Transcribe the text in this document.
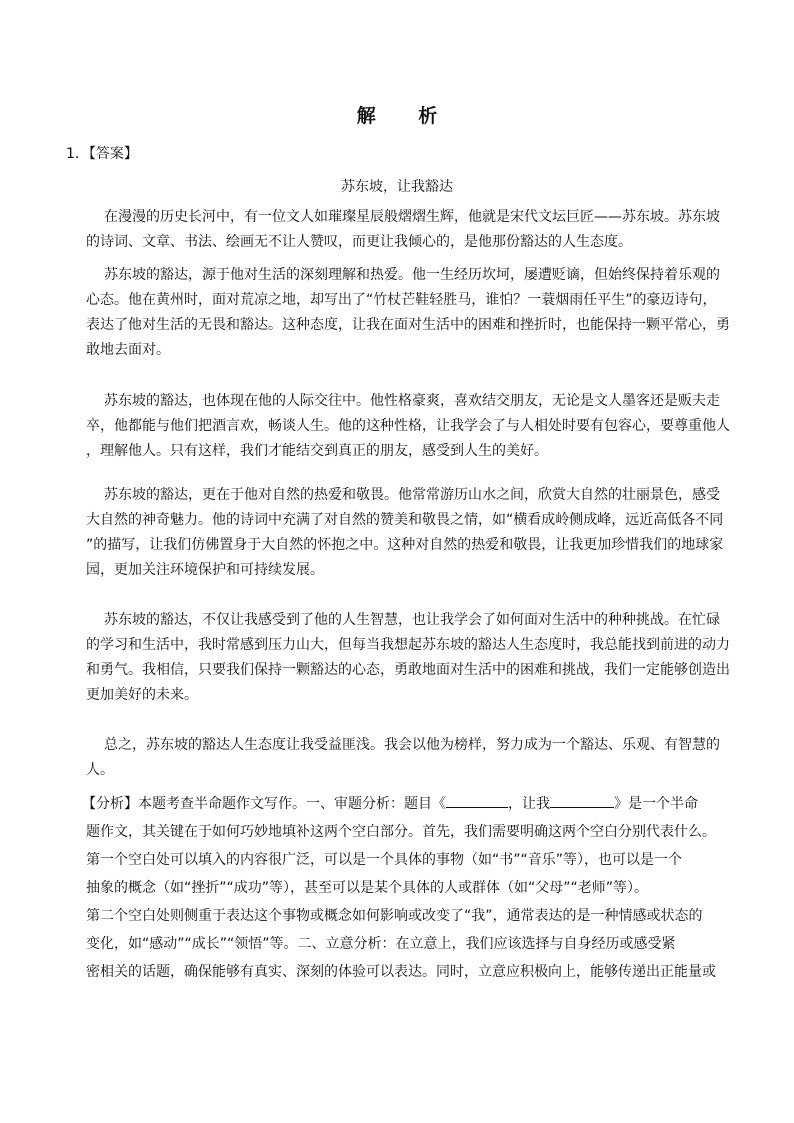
解 析
1．【答案】
苏东坡，让我豁达
在漫漫的历史长河中，有一位文人如璀璨星辰般熠熠生辉，他就是宋代文坛巨匠——苏东坡。苏东坡
的诗词、文章、书法、绘画无不让人赞叹，而更让我倾心的，是他那份豁达的人生态度。
苏东坡的豁达，源于他对生活的深刻理解和热爱。他一生经历坎坷，屡遭贬谪，但始终保持着乐观的
心态。他在黄州时，面对荒凉之地，却写出了“竹杖芒鞋轻胜马，谁怕？一蓑烟雨任平生”的豪迈诗句，
表达了他对生活的无畏和豁达。这种态度，让我在面对生活中的困难和挫折时，也能保持一颗平常心，勇
敢地去面对。
苏东坡的豁达，也体现在他的人际交往中。他性格豪爽，喜欢结交朋友，无论是文人墨客还是贩夫走
卒，他都能与他们把酒言欢，畅谈人生。他的这种性格，让我学会了与人相处时要有包容心，要尊重他人
，理解他人。只有这样，我们才能结交到真正的朋友，感受到人生的美好。
苏东坡的豁达，更在于他对自然的热爱和敬畏。他常常游历山水之间，欣赏大自然的壮丽景色，感受
大自然的神奇魅力。他的诗词中充满了对自然的赞美和敬畏之情，如“横看成岭侧成峰，远近高低各不同
”的描写，让我们仿佛置身于大自然的怀抱之中。这种对自然的热爱和敬畏，让我更加珍惜我们的地球家
园，更加关注环境保护和可持续发展。
苏东坡的豁达，不仅让我感受到了他的人生智慧，也让我学会了如何面对生活中的种种挑战。在忙碌
的学习和生活中，我时常感到压力山大，但每当我想起苏东坡的豁达人生态度时，我总能找到前进的动力
和勇气。我相信，只要我们保持一颗豁达的心态，勇敢地面对生活中的困难和挑战，我们一定能够创造出
更加美好的未来。
总之，苏东坡的豁达人生态度让我受益匪浅。我会以他为榜样，努力成为一个豁达、乐观、有智慧的
人。
【分析】本题考查半命题作文写作。一、审题分析：题目《	，让我	》是一个半命
题作文，其关键在于如何巧妙地填补这两个空白部分。首先，我们需要明确这两个空白分别代表什么。
第一个空白处可以填入的内容很广泛，可以是一个具体的事物（如“书”“音乐”等），也可以是一个
抽象的概念（如“挫折”“成功”等），甚至可以是某个具体的人或群体（如“父母”“老师”等）。
第二个空白处则侧重于表达这个事物或概念如何影响或改变了“我”，通常表达的是一种情感或状态的
变化，如“感动”“成长”“领悟”等。二、立意分析：在立意上，我们应该选择与自身经历或感受紧
密相关的话题，确保能够有真实、深刻的体验可以表达。同时，立意应积极向上，能够传递出正能量或
